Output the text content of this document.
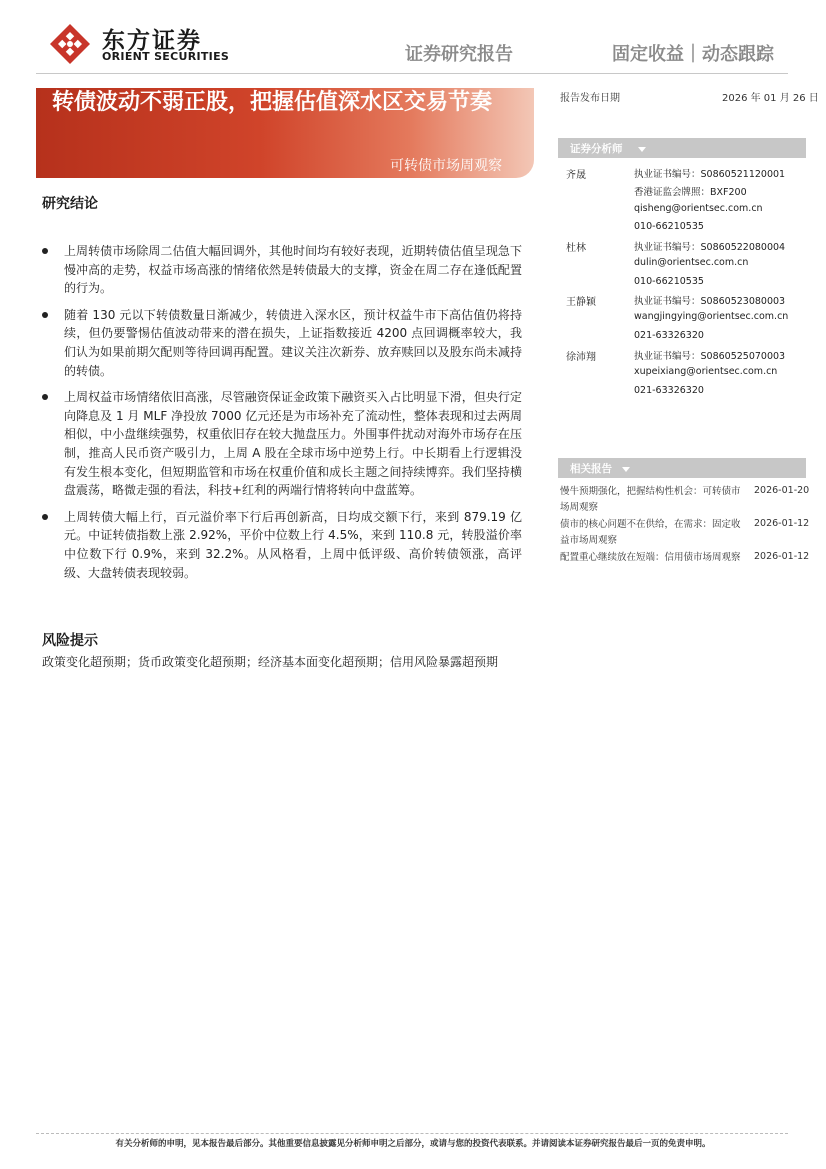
东方证券
ORIENT SECURITIES	证券研究报告	固定收益｜动态跟踪
转债波动不弱正股，把握估值深水区交易节奏
可转债市场周观察
研究结论
上周转债市场除周二估值大幅回调外，其他时间均有较好表现，近期转债估值呈现急下慢冲高的走势，权益市场高涨的情绪依然是转债最大的支撑，资金在周二存在逢低配置的行为。
随着 130 元以下转债数量日渐减少，转债进入深水区，预计权益牛市下高估值仍将持续，但仍要警惕估值波动带来的潜在损失，上证指数接近 4200 点回调概率较大，我们认为如果前期欠配则等待回调再配置。建议关注次新券、放弃赎回以及股东尚未减持的转债。
上周权益市场情绪依旧高涨，尽管融资保证金政策下融资买入占比明显下滑，但央行定向降息及 1 月 MLF 净投放 7000 亿元还是为市场补充了流动性，整体表现和过去两周相似，中小盘继续强势，权重依旧存在较大抛盘压力。外围事件扰动对海外市场存在压制，推高人民币资产吸引力，上周 A 股在全球市场中逆势上行。中长期看上行逻辑没有发生根本变化，但短期监管和市场在权重价值和成长主题之间持续博弈。我们坚持横盘震荡，略微走强的看法，科技+红利的两端行情将转向中盘蓝筹。
上周转债大幅上行，百元溢价率下行后再创新高，日均成交额下行，来到 879.19 亿元。中证转债指数上涨 2.92%，平价中位数上行 4.5%，来到 110.8 元，转股溢价率中位数下行 0.9%，来到 32.2%。从风格看，上周中低评级、高价转债领涨，高评级、大盘转债表现较弱。
风险提示
政策变化超预期；货币政策变化超预期；经济基本面变化超预期；信用风险暴露超预期
报告发布日期	2026 年 01 月 26 日
证券分析师
齐晟	执业证书编号：S0860521120001
香港证监会牌照：BXF200
qisheng@orientsec.com.cn
010-66210535
杜林	执业证书编号：S0860522080004
dulin@orientsec.com.cn
010-66210535
王静颖	执业证书编号：S0860523080003
wangjingying@orientsec.com.cn
021-63326320
徐沛翔	执业证书编号：S0860525070003
xupeixiang@orientsec.com.cn
021-63326320
相关报告
慢牛预期强化，把握结构性机会：可转债市场周观察
2026-01-20
债市的核心问题不在供给，在需求：固定收益市场周观察
2026-01-12
配置重心继续放在短端：信用债市场周观察	2026-01-12
有关分析师的申明，见本报告最后部分。其他重要信息披露见分析师申明之后部分，或请与您的投资代表联系。并请阅读本证券研究报告最后一页的免责申明。
